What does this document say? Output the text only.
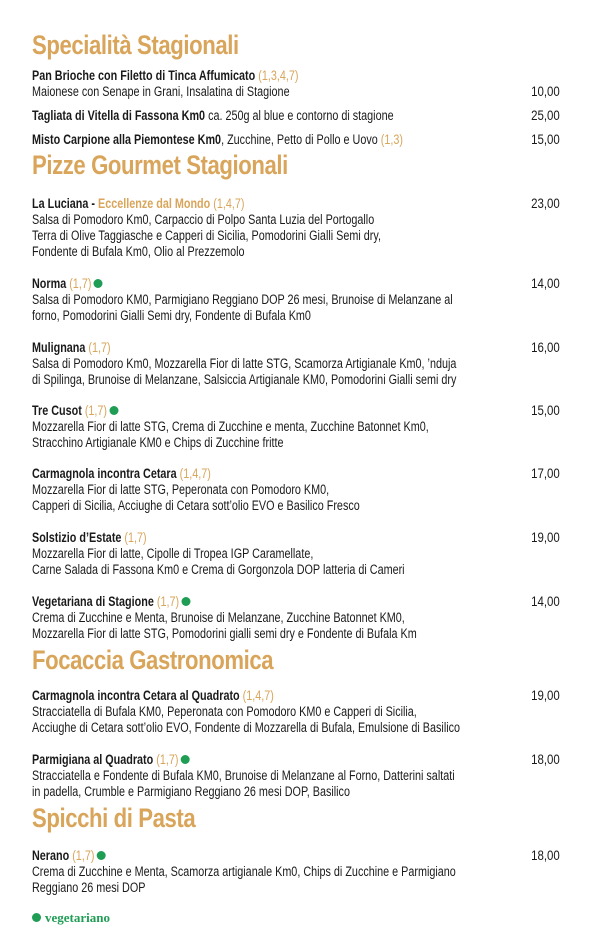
Specialità Stagionali
Pan Brioche con Filetto di Tinca Affumicato (1,3,4,7)
Maionese con Senape in Grani, Insalatina di Stagione	10,00
Tagliata di Vitella di Fassona Km0 ca. 250g al blue e contorno di stagione	25,00
Misto Carpione alla Piemontese Km0, Zucchine, Petto di Pollo e Uovo (1,3)	15,00
Pizze Gourmet Stagionali
La Luciana - Eccellenze dal Mondo (1,4,7)
Salsa di Pomodoro Km0, Carpaccio di Polpo Santa Luzia del Portogallo
Terra di Olive Taggiasche e Capperi di Sicilia, Pomodorini Gialli Semi dry,
Fondente di Bufala Km0, Olio al Prezzemolo
23,00
Norma (1,7)
Salsa di Pomodoro KM0, Parmigiano Reggiano DOP 26 mesi, Brunoise di Melanzane al
forno, Pomodorini Gialli Semi dry, Fondente di Bufala Km0
14,00
Mulignana (1,7)
Salsa di Pomodoro Km0, Mozzarella Fior di latte STG, Scamorza Artigianale Km0, ’nduja
di Spilinga, Brunoise di Melanzane, Salsiccia Artigianale KM0, Pomodorini Gialli semi dry
16,00
Tre Cusot (1,7)
Mozzarella Fior di latte STG, Crema di Zucchine e menta, Zucchine Batonnet Km0,
Stracchino Artigianale KM0 e Chips di Zucchine fritte
15,00
Carmagnola incontra Cetara (1,4,7)
Mozzarella Fior di latte STG, Peperonata con Pomodoro KM0,
Capperi di Sicilia, Acciughe di Cetara sott’olio EVO e Basilico Fresco
17,00
Solstizio d’Estate (1,7)
Mozzarella Fior di latte, Cipolle di Tropea IGP Caramellate,
Carne Salada di Fassona Km0 e Crema di Gorgonzola DOP latteria di Cameri
19,00
Vegetariana di Stagione (1,7)
Crema di Zucchine e Menta, Brunoise di Melanzane, Zucchine Batonnet KM0,
Mozzarella Fior di latte STG, Pomodorini gialli semi dry e Fondente di Bufala Km
14,00
Focaccia Gastronomica
Carmagnola incontra Cetara al Quadrato (1,4,7)
Stracciatella di Bufala KM0, Peperonata con Pomodoro KM0 e Capperi di Sicilia,
Acciughe di Cetara sott’olio EVO, Fondente di Mozzarella di Bufala, Emulsione di Basilico
19,00
Parmigiana al Quadrato (1,7)
Stracciatella e Fondente di Bufala KM0, Brunoise di Melanzane al Forno, Datterini saltati
in padella, Crumble e Parmigiano Reggiano 26 mesi DOP, Basilico
18,00
Spicchi di Pasta
Nerano (1,7)
Crema di Zucchine e Menta, Scamorza artigianale Km0, Chips di Zucchine e Parmigiano
Reggiano 26 mesi DOP
18,00
vegetariano
